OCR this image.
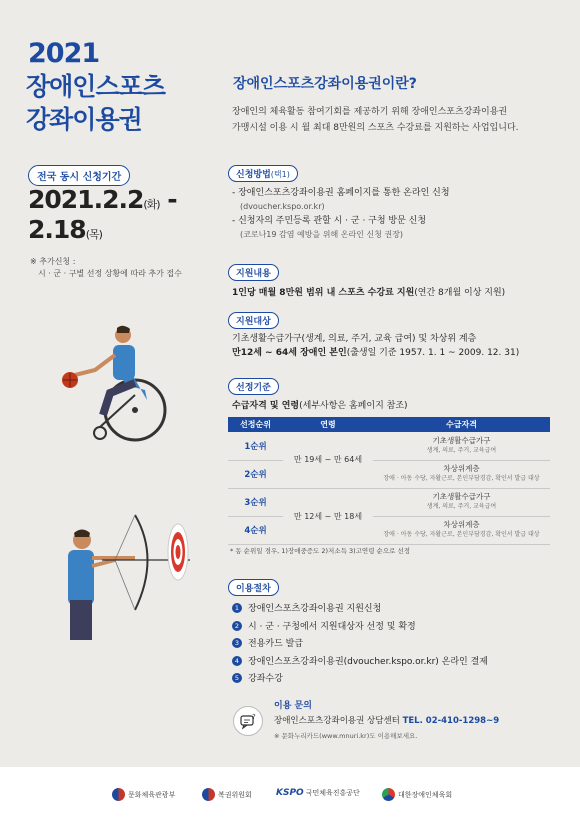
2021
장애인스포츠
강좌이용권
전국 동시 신청기간
2021.2.2(화) -
2.18(목)
※ 추가신청 :
시 · 군 · 구별 선정 상황에 따라 추가 접수
장애인스포츠강좌이용권이란?
장애인의 체육활동 참여기회를 제공하기 위해 장애인스포츠강좌이용권
가맹시설 이용 시 월 최대 8만원의 스포츠 수강료를 지원하는 사업입니다.
신청방법(택1)
- 장애인스포츠강좌이용권 홈페이지를 통한 온라인 신청
(dvoucher.kspo.or.kr)
- 신청자의 주민등록 관할 시 · 군 · 구청 방문 신청
(코로나19 감염 예방을 위해 온라인 신청 권장)
지원내용
1인당 매월 8만원 범위 내 스포츠 수강료 지원(연간 8개월 이상 지원)
지원대상
기초생활수급가구(생계, 의료, 주거, 교육 급여) 및 차상위 계층
만12세 ~ 64세 장애인 본인(출생일 기준 1957. 1. 1 ~ 2009. 12. 31)
선정기준
수급자격 및 연령(세부사항은 홈페이지 참조)
선정순위	연령	수급자격
1순위	만 19세 ~ 만 64세	기초생활수급가구
생계, 의료, 주거, 교육급여

2순위		차상위계층
장애 · 아동 수당, 자활근로, 본인부담경감, 확인서 발급 대상

3순위	만 12세 ~ 만 18세	기초생활수급가구
생계, 의료, 주거, 교육급여

4순위		차상위계층
장애 · 아동 수당, 자활근로, 본인부담경감, 확인서 발급 대상
* 동 순위일 경우, 1)장애중증도 2)저소득 3)고연령 순으로 선정
이용절차
1 장애인스포츠강좌이용권 지원신청
2 시 · 군 · 구청에서 지원대상자 선정 및 확정
3 전용카드 발급
4 장애인스포츠강좌이용권(dvoucher.kspo.or.kr) 온라인 결제
5 강좌수강
?
이용 문의
장애인스포츠강좌이용권 상담센터 TEL. 02-410-1298~9
※ 문화누리카드(www.mnuri.kr)도 이용해보세요.
문화체육관광부	복권위원회	KSPO 국민체육진흥공단	대한장애인체육회
